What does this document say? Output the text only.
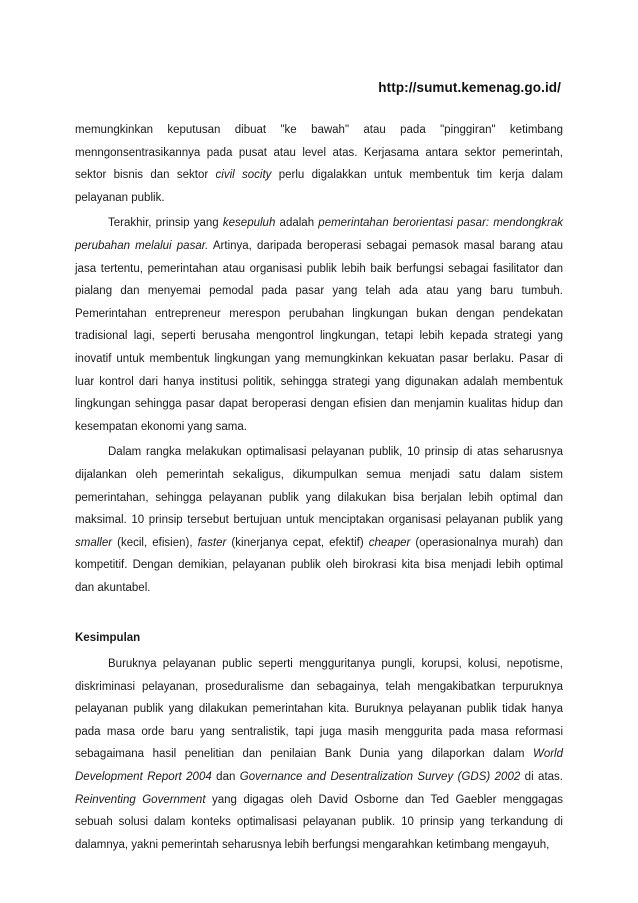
http://sumut.kemenag.go.id/

memungkinkan keputusan dibuat "ke bawah" atau pada "pinggiran" ketimbang menngonsentrasikannya pada pusat atau level atas. Kerjasama antara sektor pemerintah, sektor bisnis dan sektor civil socity perlu digalakkan untuk membentuk tim kerja dalam pelayanan publik.

Terakhir, prinsip yang kesepuluh adalah pemerintahan berorientasi pasar: mendongkrak perubahan melalui pasar. Artinya, daripada beroperasi sebagai pemasok masal barang atau jasa tertentu, pemerintahan atau organisasi publik lebih baik berfungsi sebagai fasilitator dan pialang dan menyemai pemodal pada pasar yang telah ada atau yang baru tumbuh. Pemerintahan entrepreneur merespon perubahan lingkungan bukan dengan pendekatan tradisional lagi, seperti berusaha mengontrol lingkungan, tetapi lebih kepada strategi yang inovatif untuk membentuk lingkungan yang memungkinkan kekuatan pasar berlaku. Pasar di luar kontrol dari hanya institusi politik, sehingga strategi yang digunakan adalah membentuk lingkungan sehingga pasar dapat beroperasi dengan efisien dan menjamin kualitas hidup dan kesempatan ekonomi yang sama.

Dalam rangka melakukan optimalisasi pelayanan publik, 10 prinsip di atas seharusnya dijalankan oleh pemerintah sekaligus, dikumpulkan semua menjadi satu dalam sistem pemerintahan, sehingga pelayanan publik yang dilakukan bisa berjalan lebih optimal dan maksimal. 10 prinsip tersebut bertujuan untuk menciptakan organisasi pelayanan publik yang smaller (kecil, efisien), faster (kinerjanya cepat, efektif) cheaper (operasionalnya murah) dan kompetitif. Dengan demikian, pelayanan publik oleh birokrasi kita bisa menjadi lebih optimal dan akuntabel.

Kesimpulan

Buruknya pelayanan public seperti mengguritanya pungli, korupsi, kolusi, nepotisme, diskriminasi pelayanan, proseduralisme dan sebagainya, telah mengakibatkan terpuruknya pelayanan publik yang dilakukan pemerintahan kita. Buruknya pelayanan publik tidak hanya pada masa orde baru yang sentralistik, tapi juga masih menggurita pada masa reformasi sebagaimana hasil penelitian dan penilaian Bank Dunia yang dilaporkan dalam World Development Report 2004 dan Governance and Desentralization Survey (GDS) 2002 di atas. Reinventing Government yang digagas oleh David Osborne dan Ted Gaebler menggagas sebuah solusi dalam konteks optimalisasi pelayanan publik. 10 prinsip yang terkandung di dalamnya, yakni pemerintah seharusnya lebih berfungsi mengarahkan ketimbang mengayuh,
